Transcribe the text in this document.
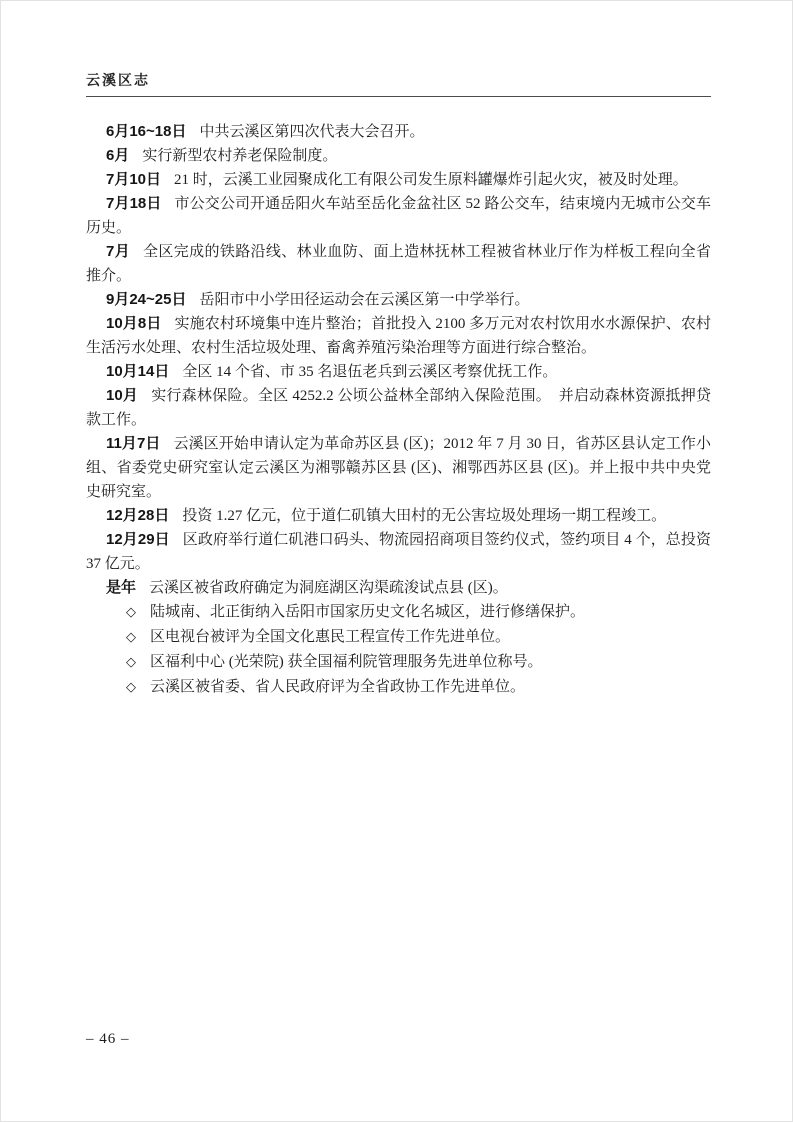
云溪区志

6月16~18日 中共云溪区第四次代表大会召开。

6月 实行新型农村养老保险制度。

7月10日 21 时，云溪工业园聚成化工有限公司发生原料罐爆炸引起火灾，被及时处理。

7月18日 市公交公司开通岳阳火车站至岳化金盆社区 52 路公交车，结束境内无城市公交车历史。

7月 全区完成的铁路沿线、林业血防、面上造林抚林工程被省林业厅作为样板工程向全省推介。

9月24~25日 岳阳市中小学田径运动会在云溪区第一中学举行。

10月8日 实施农村环境集中连片整治；首批投入 2100 多万元对农村饮用水水源保护、农村生活污水处理、农村生活垃圾处理、畜禽养殖污染治理等方面进行综合整治。

10月14日 全区 14 个省、市 35 名退伍老兵到云溪区考察优抚工作。

10月 实行森林保险。全区 4252.2 公顷公益林全部纳入保险范围。　并启动森林资源抵押贷款工作。

11月7日 云溪区开始申请认定为革命苏区县 (区)；2012 年 7 月 30 日，省苏区县认定工作小组、省委党史研究室认定云溪区为湘鄂赣苏区县 (区)、湘鄂西苏区县 (区)。并上报中共中央党史研究室。

12月28日 投资 1.27 亿元，位于道仁矶镇大田村的无公害垃圾处理场一期工程竣工。

12月29日 区政府举行道仁矶港口码头、物流园招商项目签约仪式，签约项目 4 个，总投资 37 亿元。

是年 云溪区被省政府确定为洞庭湖区沟渠疏浚试点县 (区)。

◇ 陆城南、北正街纳入岳阳市国家历史文化名城区，进行修缮保护。

◇ 区电视台被评为全国文化惠民工程宣传工作先进单位。

◇ 区福利中心 (光荣院) 获全国福利院管理服务先进单位称号。

◇ 云溪区被省委、省人民政府评为全省政协工作先进单位。

– 46 –
